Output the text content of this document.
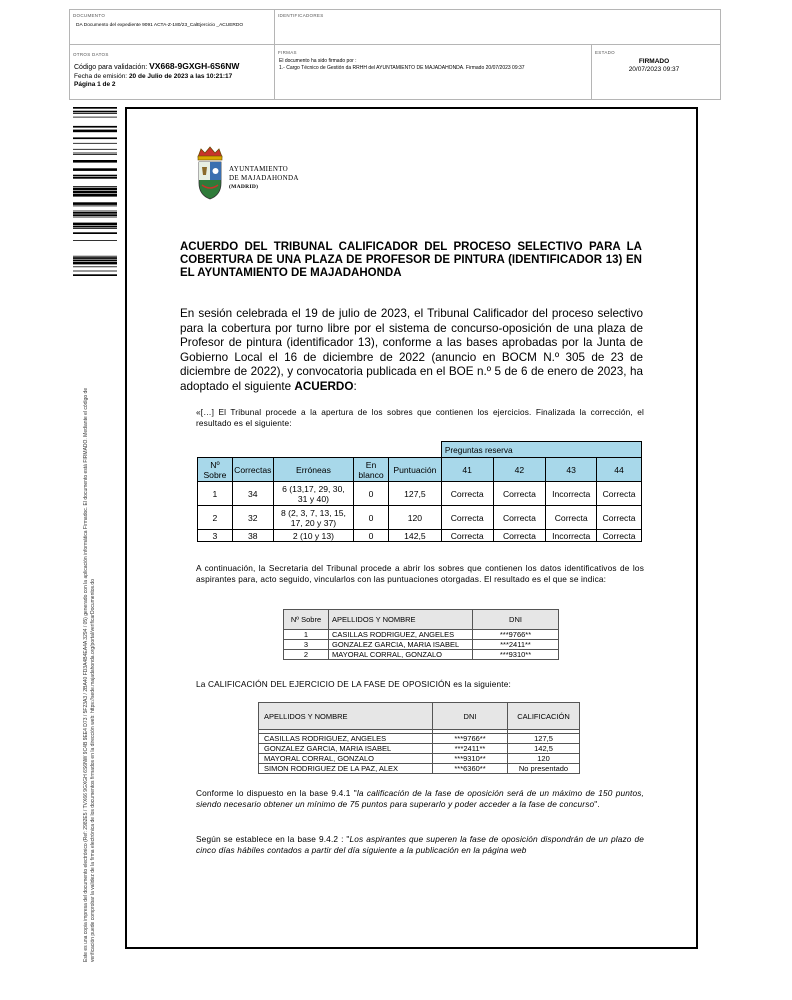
DOCUMENTO
DA Documento del expediente 9091 ACTA-Z-180/23_CalEjercicio _ACUERDO
IDENTIFICADORES
OTROS DATOS
Código para validación: VX668-9GXGH-6S6NW
Fecha de emisión: 20 de Julio de 2023 a las 10:21:17
Página 1 de 2
FIRMAS
El documento ha sido firmado por :
1.- Cargo Técnico de Gestión da RRHH del AYUNTAMIENTO DE MAJADAHONDA. Firmado 20/07/2023 09:37
ESTADO
FIRMADO
20/07/2023 09:37
Este es una copia impresa del documento electrónico (Ref: 2982E5 / TVX66 9GXGH 6S6NW 9C4B 9EE4 D73 / 5F23A3 / 2BA40 FD3A4B4EA4A 3294 / 05) generado con la aplicación informática Firmadoc. El documento está FIRMADO. Mediante el código de verificación puede comprobar la validez de la firma electrónica de los documentos firmados en la dirección web: https://sede.majadahonda.org/portal/verificarDocumentos.do
AYUNTAMIENTO
DE MAJADAHONDA
(MADRID)
ACUERDO DEL TRIBUNAL CALIFICADOR DEL PROCESO SELECTIVO PARA LA COBERTURA DE UNA PLAZA DE PROFESOR DE PINTURA (IDENTIFICADOR 13) EN EL AYUNTAMIENTO DE MAJADAHONDA
En sesión celebrada el 19 de julio de 2023, el Tribunal Calificador del proceso selectivo para la cobertura por turno libre por el sistema de concurso-oposición de una plaza de Profesor de pintura (identificador 13), conforme a las bases aprobadas por la Junta de Gobierno Local el 16 de diciembre de 2022 (anuncio en BOCM N.º 305 de 23 de diciembre de 2022), y convocatoria publicada en el BOE n.º 5 de 6 de enero de 2023, ha adoptado el siguiente ACUERDO:
«[…] El Tribunal procede a la apertura de los sobres que contienen los ejercicios. Finalizada la corrección, el resultado es el siguiente:
					Preguntas reserva			
Nº Sobre	Correctas	Erróneas	En blanco	Puntuación	41	42	43	44
1	34	6 (13,17, 29, 30, 31 y 40)	0	127,5	Correcta	Correcta	Incorrecta	Correcta
2	32	8 (2, 3, 7, 13, 15, 17, 20 y 37)	0	120	Correcta	Correcta	Correcta	Correcta
3	38	2 (10 y 13)	0	142,5	Correcta	Correcta	Incorrecta	Correcta
A continuación, la Secretaria del Tribunal procede a abrir los sobres que contienen los datos identificativos de los aspirantes para, acto seguido, vincularlos con las puntuaciones otorgadas. El resultado es el que se indica:
Nº Sobre	APELLIDOS Y NOMBRE	DNI
1	CASILLAS RODRIGUEZ, ANGELES	***9766**
3	GONZALEZ GARCIA, MARIA ISABEL	***2411**
2	MAYORAL CORRAL, GONZALO	***9310**
La CALIFICACIÓN DEL EJERCICIO DE LA FASE DE OPOSICIÓN es la siguiente:
APELLIDOS Y NOMBRE	DNI	CALIFICACIÓN

CASILLAS RODRIGUEZ, ANGELES	***9766**	127,5
GONZALEZ GARCIA, MARIA ISABEL	***2411**	142,5
MAYORAL CORRAL, GONZALO	***9310**	120
SIMON RODRIGUEZ DE LA PAZ, ALEX	***6360**	No presentado
Conforme lo dispuesto en la base 9.4.1 "la calificación de la fase de oposición será de un máximo de 150 puntos, siendo necesario obtener un mínimo de 75 puntos para superarlo y poder acceder a la fase de concurso".
Según se establece en la base 9.4.2 : "Los aspirantes que superen la fase de oposición dispondrán de un plazo de cinco días hábiles contados a partir del día siguiente a la publicación en la página web
